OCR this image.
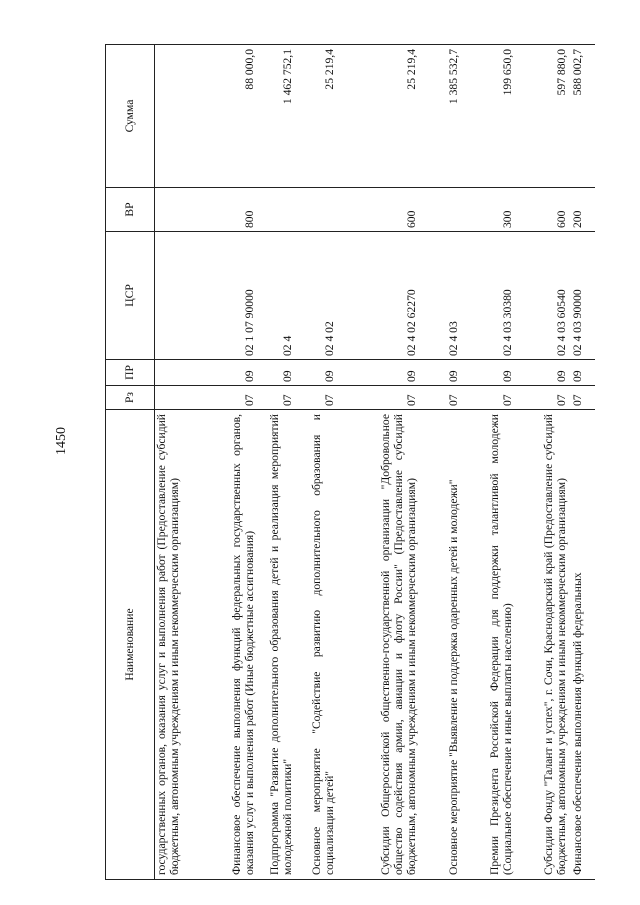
1450
Наименование	Рз	ПР	ЦСР	ВР	Сумма
государственных органов, оказания услуг и выполнения работ (Предоставление субсидий бюджетным, автономным учреждениям и иным некоммерческим организациям)					
Финансовое обеспечение выполнения функций федеральных государственных органов, оказания услуг и выполнения работ (Иные бюджетные ассигнования)	07	09	02 1 07 90000	800	88 000,0
Подпрограмма "Развитие дополнительного образования детей и реализация мероприятий молодежной политики"	07	09	02 4		1 462 752,1
Основное мероприятие "Содействие развитию дополнительного образования и социализации детей"	07	09	02 4 02		25 219,4
Субсидии Общероссийской общественно-государственной организации "Добровольное общество содействия армии, авиации и флоту России" (Предоставление субсидий бюджетным, автономным учреждениям и иным некоммерческим организациям)	07	09	02 4 02 62270	600	25 219,4
Основное мероприятие "Выявление и поддержка одаренных детей и молодежи"	07	09	02 4 03		1 385 532,7
Премии Президента Российской Федерации для поддержки талантливой молодежи (Социальное обеспечение и иные выплаты населению)	07	09	02 4 03 30380	300	199 650,0
Субсидии Фонду "Талант и успех", г. Сочи, Краснодарский край (Предоставление субсидий бюджетным, автономным учреждениям и иным некоммерческим организациям)	07	09	02 4 03 60540	600	597 880,0
Финансовое обеспечение выполнения функций федеральных	07	09	02 4 03 90000	200	588 002,7
